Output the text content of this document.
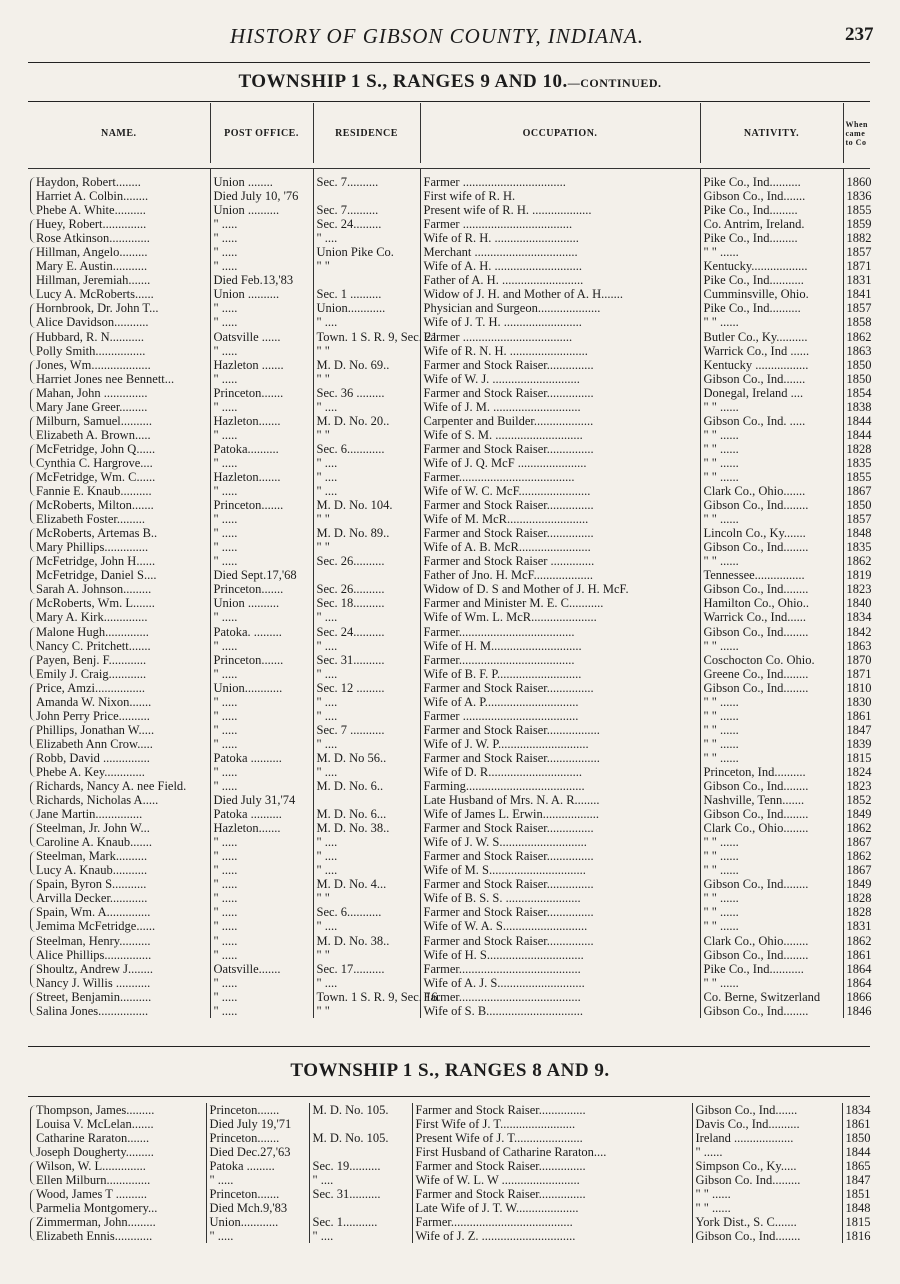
HISTORY OF GIBSON COUNTY, INDIANA.	237
TOWNSHIP 1 S., RANGES 9 AND 10.—CONTINUED.
NAME.	POST OFFICE.	RESIDENCE	OCCUPATION.	NATIVITY.	When came to Co

Haydon, Robert........	Union ........	Sec. 7..........	Farmer .................................	Pike Co., Ind..........	1860
Harriet A. Colbin........	Died July 10, '76		First wife of R. H.	Gibson Co., Ind.......	1836
Phebe A. White..........	Union ..........	Sec. 7..........	Present wife of R. H. ...................	Pike Co., Ind.........	1855
Huey, Robert..............	" .....	Sec. 24.........	Farmer ...................................	Co. Antrim, Ireland.	1859
Rose Atkinson.............	" .....	" ....	Wife of R. H. ...........................	Pike Co., Ind.........	1882
Hillman, Angelo.........	" .....	Union Pike Co.	Merchant .................................	" " ......	1857
Mary E. Austin...........	" .....	" "	Wife of A. H. ............................	Kentucky..................	1871
Hillman, Jeremiah.......	Died Feb.13,'83		Father of A. H. ..........................	Pike Co., Ind...........	1831
Lucy A. McRoberts......	Union ..........	Sec. 1 ..........	Widow of J. H. and Mother of A. H.......	Cumminsville, Ohio.	1841
Hornbrook, Dr. John T...	" .....	Union............	Physician and Surgeon....................	Pike Co., Ind..........	1857
Alice Davidson...........	" .....	" ....	Wife of J. T. H. .........................	" " ......	1858
Hubbard, R. N...........	Oatsville ......	Town. 1 S. R. 9, Sec. 21	Farmer ...................................	Butler Co., Ky..........	1862
Polly Smith................	" .....	" "	Wife of R. N. H. .........................	Warrick Co., Ind ......	1863
Jones, Wm...................	Hazleton .......	M. D. No. 69..	Farmer and Stock Raiser...............	Kentucky .................	1850
Harriet Jones nee Bennett...	" .....	" "	Wife of W. J. ............................	Gibson Co., Ind.......	1850
Mahan, John ..............	Princeton.......	Sec. 36 .........	Farmer and Stock Raiser...............	Donegal, Ireland ....	1854
Mary Jane Greer.........	" .....	" ....	Wife of J. M. ............................	" " ......	1838
Milburn, Samuel..........	Hazleton.......	M. D. No. 20..	Carpenter and Builder...................	Gibson Co., Ind. .....	1844
Elizabeth A. Brown.....	" .....	" "	Wife of S. M. ............................	" " ......	1844
McFetridge, John Q......	Patoka..........	Sec. 6............	Farmer and Stock Raiser...............	" " ......	1828
Cynthia C. Hargrove....	" .....	" ....	Wife of J. Q. McF ......................	" " ......	1835
McFetridge, Wm. C......	Hazleton.......	" ....	Farmer.....................................	" " ......	1855
Fannie E. Knaub..........	" .....	" ....	Wife of W. C. McF.......................	Clark Co., Ohio.......	1867
McRoberts, Milton.......	Princeton.......	M. D. No. 104.	Farmer and Stock Raiser...............	Gibson Co., Ind........	1850
Elizabeth Foster.........	" .....	" "	Wife of M. McR..........................	" " ......	1857
McRoberts, Artemas B..	" .....	M. D. No. 89..	Farmer and Stock Raiser...............	Lincoln Co., Ky.......	1848
Mary Phillips..............	" .....	" "	Wife of A. B. McR.......................	Gibson Co., Ind........	1835
McFetridge, John H......	" .....	Sec. 26..........	Farmer and Stock Raiser ..............	" " ......	1862
McFetridge, Daniel S....	Died Sept.17,'68		Father of Jno. H. McF...................	Tennessee................	1819
Sarah A. Johnson.........	Princeton.......	Sec. 26..........	Widow of D. S and Mother of J. H. McF.	Gibson Co., Ind........	1823
McRoberts, Wm. L.......	Union ..........	Sec. 18..........	Farmer and Minister M. E. C...........	Hamilton Co., Ohio..	1840
Mary A. Kirk..............	" .....	" ....	Wife of Wm. L. McR.....................	Warrick Co., Ind......	1834
Malone Hugh..............	Patoka. .........	Sec. 24..........	Farmer.....................................	Gibson Co., Ind........	1842
Nancy C. Pritchett.......	" .....	" ....	Wife of H. M.............................	" " ......	1863
Payen, Benj. F............	Princeton.......	Sec. 31..........	Farmer.....................................	Coschocton Co. Ohio.	1870
Emily J. Craig............	" .....	" ....	Wife of B. F. P...........................	Greene Co., Ind........	1871
Price, Amzi................	Union............	Sec. 12 .........	Farmer and Stock Raiser...............	Gibson Co., Ind........	1810
Amanda W. Nixon.......	" .....	" ....	Wife of A. P..............................	" " ......	1830
John Perry Price..........	" .....	" ....	Farmer .....................................	" " ......	1861
Phillips, Jonathan W.....	" .....	Sec. 7 ...........	Farmer and Stock Raiser.................	" " ......	1847
Elizabeth Ann Crow.....	" .....	" ....	Wife of J. W. P.............................	" " ......	1839
Robb, David ...............	Patoka ..........	M. D. No 56..	Farmer and Stock Raiser.................	" " ......	1815
Phebe A. Key.............	" .....	" ....	Wife of D. R..............................	Princeton, Ind..........	1824
Richards, Nancy A. nee Field.	" .....	M. D. No. 6..	Farming......................................	Gibson Co., Ind........	1823
Richards, Nicholas A.....	Died July 31,'74		Late Husband of Mrs. N. A. R........	Nashville, Tenn.......	1852
Jane Martin...............	Patoka ..........	M. D. No. 6...	Wife of James L. Erwin..................	Gibson Co., Ind........	1849
Steelman, Jr. John W...	Hazleton.......	M. D. No. 38..	Farmer and Stock Raiser...............	Clark Co., Ohio........	1862
Caroline A. Knaub.......	" .....	" ....	Wife of J. W. S............................	" " ......	1867
Steelman, Mark..........	" .....	" ....	Farmer and Stock Raiser...............	" " ......	1862
Lucy A. Knaub...........	" .....	" ....	Wife of M. S...............................	" " ......	1867
Spain, Byron S...........	" .....	M. D. No. 4...	Farmer and Stock Raiser...............	Gibson Co., Ind........	1849
Arvilla Decker............	" .....	" "	Wife of B. S. S. ........................	" " ......	1828
Spain, Wm. A..............	" .....	Sec. 6...........	Farmer and Stock Raiser...............	" " ......	1828
Jemima McFetridge......	" .....	" ....	Wife of W. A. S...........................	" " ......	1831
Steelman, Henry..........	" .....	M. D. No. 38..	Farmer and Stock Raiser...............	Clark Co., Ohio........	1862
Alice Phillips...............	" .....	" "	Wife of H. S...............................	Gibson Co., Ind........	1861
Shoultz, Andrew J........	Oatsville.......	Sec. 17..........	Farmer.......................................	Pike Co., Ind...........	1864
Nancy J. Willis ...........	" .....	" ....	Wife of A. J. S............................	" " ......	1864
Street, Benjamin..........	" .....	Town. 1 S. R. 9, Sec. 16.	Farmer.......................................	Co. Berne, Switzerland	1866
Salina Jones................	" .....	" "	Wife of S. B...............................	Gibson Co., Ind........	1846
TOWNSHIP 1 S., RANGES 8 AND 9.
Thompson, James.........	Princeton.......	M. D. No. 105.	Farmer and Stock Raiser...............	Gibson Co., Ind.......	1834
Louisa V. McLelan.......	Died July 19,'71		First Wife of J. T........................	Davis Co., Ind..........	1861
Catharine Raraton.......	Princeton.......	M. D. No. 105.	Present Wife of J. T......................	Ireland ...................	1850
Joseph Dougherty.........	Died Dec.27,'63		First Husband of Catharine Raraton....	" ......	1844
Wilson, W. L..............	Patoka .........	Sec. 19..........	Farmer and Stock Raiser...............	Simpson Co., Ky.....	1865
Ellen Milburn..............	" .....	" ....	Wife of W. L. W .........................	Gibson Co. Ind.........	1847
Wood, James T ..........	Princeton.......	Sec. 31..........	Farmer and Stock Raiser...............	" " ......	1851
Parmelia Montgomery...	Died Mch.9,'83		Late Wife of J. T. W....................	" " ......	1848
Zimmerman, John.........	Union............	Sec. 1...........	Farmer.......................................	York Dist., S. C.......	1815
Elizabeth Ennis............	" .....	" ....	Wife of J. Z. ..............................	Gibson Co., Ind........	1816
